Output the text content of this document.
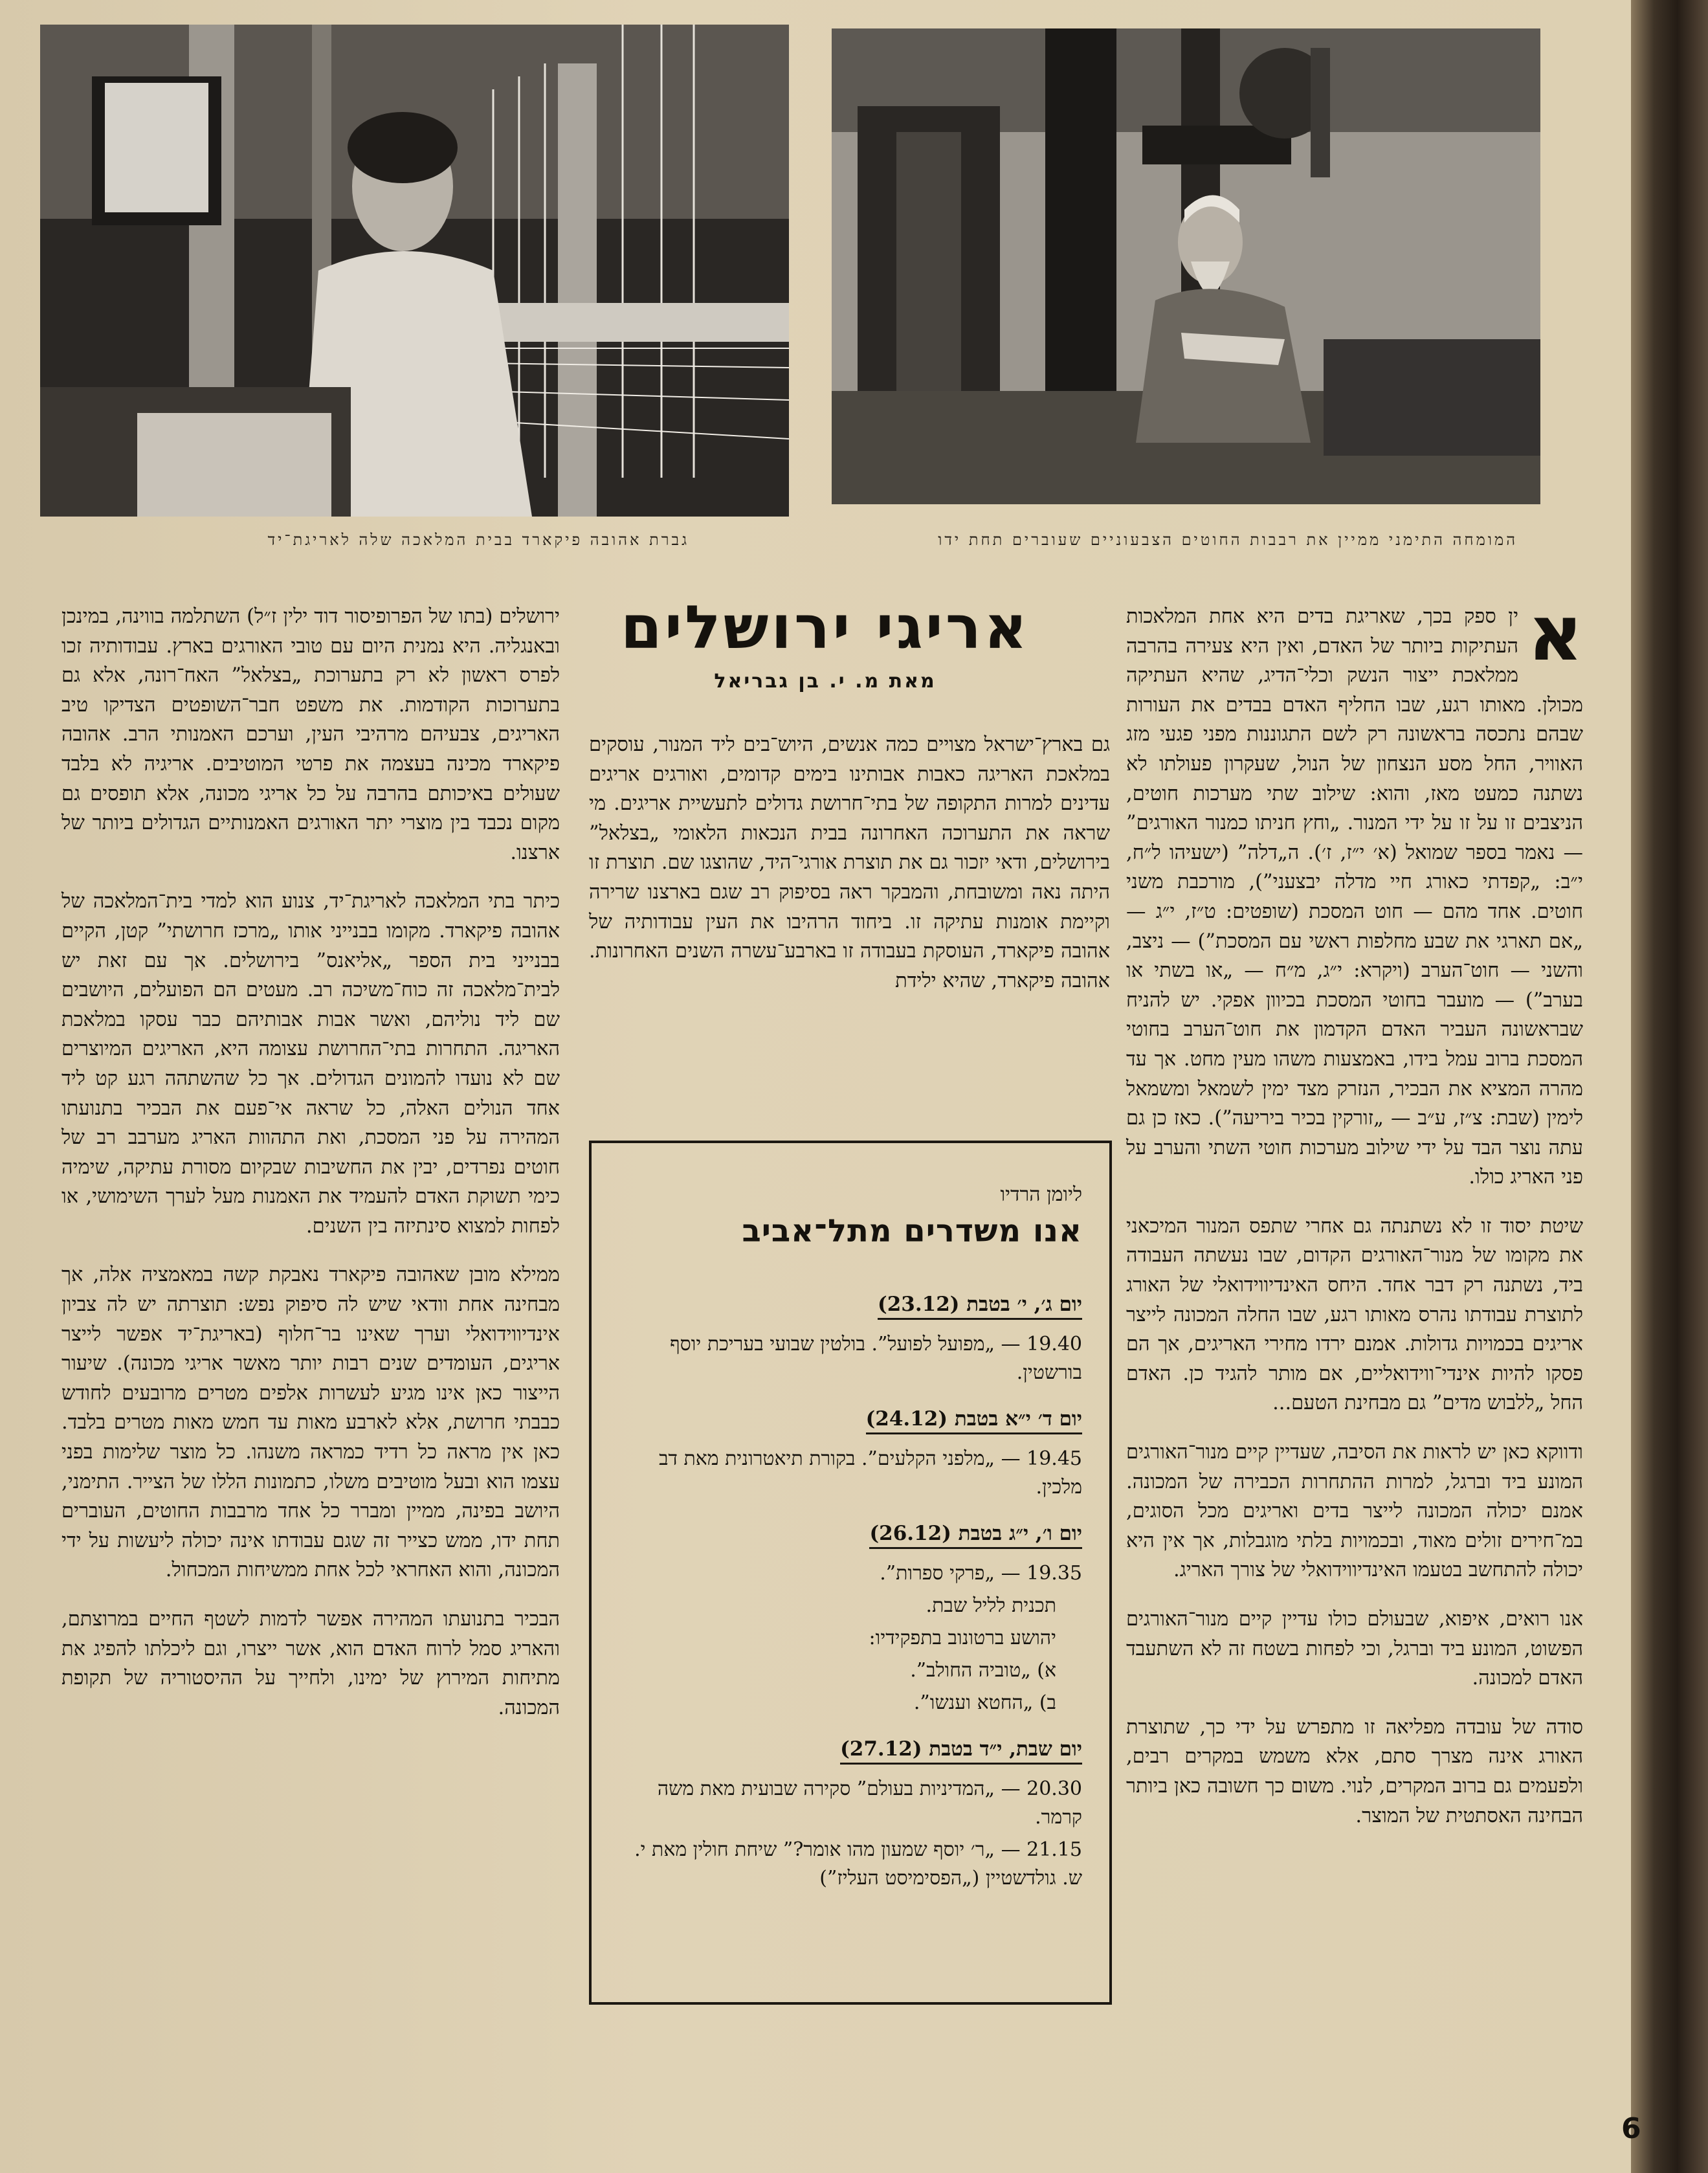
גברת אהובה פיקארד בבית המלאכה שלה לאריגת־יד	המומחה התימני ממיין את רבבות החוטים הצבעוניים שעוברים תחת ידו

א
ין ספק בכך, שאריגת בדים היא אחת המלאכות העתיקות ביותר של האדם, ואין היא צעירה בהרבה ממלאכת ייצור הנשק וכלי־הדיג, שהיא העתיקה מכולן. מאותו רגע, שבו החליף האדם בבדים את העורות שבהם נתכסה בראשונה רק לשם התגוננות מפני פגעי מזג האוויר, החל מסע הנצחון של הנול, שעקרון פעולתו לא נשתנה כמעט מאז, והוא: שילוב שתי מערכות חוטים, הניצבים זו על זו על ידי המנור. „וחץ חניתו כמנור האורגים” — נאמר בספר שמואל (א׳ י״ז, ז׳). ה„דלה” (ישעיהו ל״ח, י״ב: „קפדתי כאורג חיי מדלה יבצעני”), מורכבת משני חוטים. אחד מהם — חוט המסכת (שופטים: ט״ז, י״ג — „אם תארגי את שבע מחלפות ראשי עם המסכת”) — ניצב, והשני — חוט־הערב (ויקרא: י״ג, מ״ח — „או בשתי או בערב”) — מועבר בחוטי המסכת בכיוון אפקי. יש להניח שבראשונה העביר האדם הקדמון את חוט־הערב בחוטי המסכת ברוב עמל בידו, באמצעות משהו מעין מחט. אך עד מהרה המציא את הבכיר, הנזרק מצד ימין לשמאל ומשמאל לימין (שבת: צ״ז, ע״ב — „זורקין בכיר ביריעה”). כאז כן גם עתה נוצר הבד על ידי שילוב מערכות חוטי השתי והערב על פני האריג כולו.

שיטת יסוד זו לא נשתנתה גם אחרי שתפס המנור המיכאני את מקומו של מנור־האורגים הקדום, שבו נעשתה העבודה ביד, נשתנה רק דבר אחד. היחס האינדיווידואלי של האורג לתוצרת עבודתו נהרס מאותו רגע, שבו החלה המכונה לייצר אריגים בכמויות גדולות. אמנם ירדו מחירי האריגים, אך הם פסקו להיות אינדי־ווידואליים, אם מותר להגיד כן. האדם החל „ללבוש מדים” גם מבחינת הטעם...

ודווקא כאן יש לראות את הסיבה, שעדיין קיים מנור־האורגים המונע ביד וברגל, למרות ההתחרות הכבירה של המכונה. אמנם יכולה המכונה לייצר בדים ואריגים מכל הסוגים, במ־חירים זולים מאוד, ובכמויות בלתי מוגבלות, אך אין היא יכולה להתחשב בטעמו האינדיווידואלי של צורך האריג.

אנו רואים, איפוא, שבעולם כולו עדיין קיים מנור־האורגים הפשוט, המונע ביד וברגל, וכי לפחות בשטח זה לא השתעבד האדם למכונה.

סודה של עובדה מפליאה זו מתפרש על ידי כך, שתוצרת האורג אינה מצרך סתם, אלא משמש במקרים רבים, ולפעמים גם ברוב המקרים, לנוי. משום כך חשובה כאן ביותר הבחינה האסתטית של המוצר.

אריגי ירושלים
מאת מ. י. בן גבריאל

גם בארץ־ישראל מצויים כמה אנשים, היוש־בים ליד המנור, עוסקים במלאכת האריגה כאבות אבותינו בימים קדומים, ואורגים אריגים עדינים למרות התקופה של בתי־חרושת גדולים לתעשיית אריגים. מי שראה את התערוכה האחרונה בבית הנכאות הלאומי „בצלאל” בירושלים, ודאי יזכור גם את תוצרת אורגי־היד, שהוצגו שם. תוצרת זו היתה נאה ומשובחת, והמבקר ראה בסיפוק רב שגם בארצנו שרירה וקיימת אומנות עתיקה זו. ביחוד הרהיבו את העין עבודותיה של אהובה פיקארד, העוסקת בעבודה זו בארבע־עשרה השנים האחרונות. אהובה פיקארד, שהיא ילידת

ליומן הרדיו
אנו משדרים מתל־אביב
יום ג׳, י׳ בטבת (23.12)
19.40 — „מפועל לפועל”. בולטין שבועי בעריכת יוסף בורשטין.
יום ד׳ י״א בטבת (24.12)
19.45 — „מלפני הקלעים”. בקורת תיאטרונית מאת דב מלכין.
יום ו׳, י״ג בטבת (26.12)
19.35 — „פרקי ספרות”.
תכנית לליל שבת.
יהושע ברטונוב בתפקידיו:
א) „טוביה החולב”.
ב) „החטא וענשו”.
יום שבת, י״ד בטבת (27.12)
20.30 — „המדיניות בעולם” סקירה שבועית מאת משה קרמר.
21.15 — „ר׳ יוסף שמעון מהו אומר?” שיחת חולין מאת י. ש. גולדשטיין („הפסימיסט העליז”)

ירושלים (בתו של הפרופיסור דוד ילין ז״ל) השתלמה בווינה, במינכן ובאנגליה. היא נמנית היום עם טובי האורגים בארץ. עבודותיה זכו לפרס ראשון לא רק בתערוכת „בצלאל” האח־רונה, אלא גם בתערוכות הקודמות. את משפט חבר־השופטים הצדיקו טיב האריגים, צבעיהם מרהיבי העין, וערכם האמנותי הרב. אהובה פיקארד מכינה בעצמה את פרטי המוטיבים. אריגיה לא בלבד שעולים באיכותם בהרבה על כל אריגי מכונה, אלא תופסים גם מקום נכבד בין מוצרי יתר האורגים האמנותיים הגדולים ביותר של ארצנו.

כיתר בתי המלאכה לאריגת־יד, צנוע הוא למדי בית־המלאכה של אהובה פיקארד. מקומו בבנייני אותו „מרכז חרושתי” קטן, הקיים בבנייני בית הספר „אליאנס” בירושלים. אך עם זאת יש לבית־מלאכה זה כוח־משיכה רב. מעטים הם הפועלים, היושבים שם ליד נוליהם, ואשר אבות אבותיהם כבר עסקו במלאכת האריגה. התחרות בתי־החרושת עצומה היא, האריגים המיוצרים שם לא נועדו להמונים הגדולים. אך כל שהשתהה רגע קט ליד אחד הנולים האלה, כל שראה אי־פעם את הבכיר בתנועתו המהירה על פני המסכת, ואת התהוות האריג מערבב רב של חוטים נפרדים, יבין את החשיבות שבקיום מסורת עתיקה, שימיה כימי תשוקת האדם להעמיד את האמנות מעל לערך השימושי, או לפחות למצוא סינתיזה בין השנים.

ממילא מובן שאהובה פיקארד נאבקת קשה במאמציה אלה, אך מבחינה אחת וודאי שיש לה סיפוק נפש: תוצרתה יש לה צביון אינדיווידואלי וערך שאינו בר־חלוף (באריגת־יד אפשר לייצר אריגים, העומדים שנים רבות יותר מאשר אריגי מכונה). שיעור הייצור כאן אינו מגיע לעשרות אלפים מטרים מרובעים לחודש כבבתי חרושת, אלא לארבע מאות עד חמש מאות מטרים בלבד. כאן אין מראה כל רדיד כמראה משנהו. כל מוצר שלימות בפני עצמו הוא ובעל מוטיבים משלו, כתמונות הללו של הצייר. התימני, היושב בפינה, ממיין ומברר כל אחד מרבבות החוטים, העוברים תחת ידו, ממש כצייר זה שגם עבודתו אינה יכולה ליעשות על ידי המכונה, והוא האחראי לכל אחת ממשיחות המכחול.

הבכיר בתנועתו המהירה אפשר לדמות לשטף החיים במרוצתם, והאריג סמל לרוח האדם הוא, אשר ייצרו, וגם ליכלתו להפיג את מתיחות המירוץ של ימינו, ולחייך על ההיסטוריה של תקופת המכונה.

6
